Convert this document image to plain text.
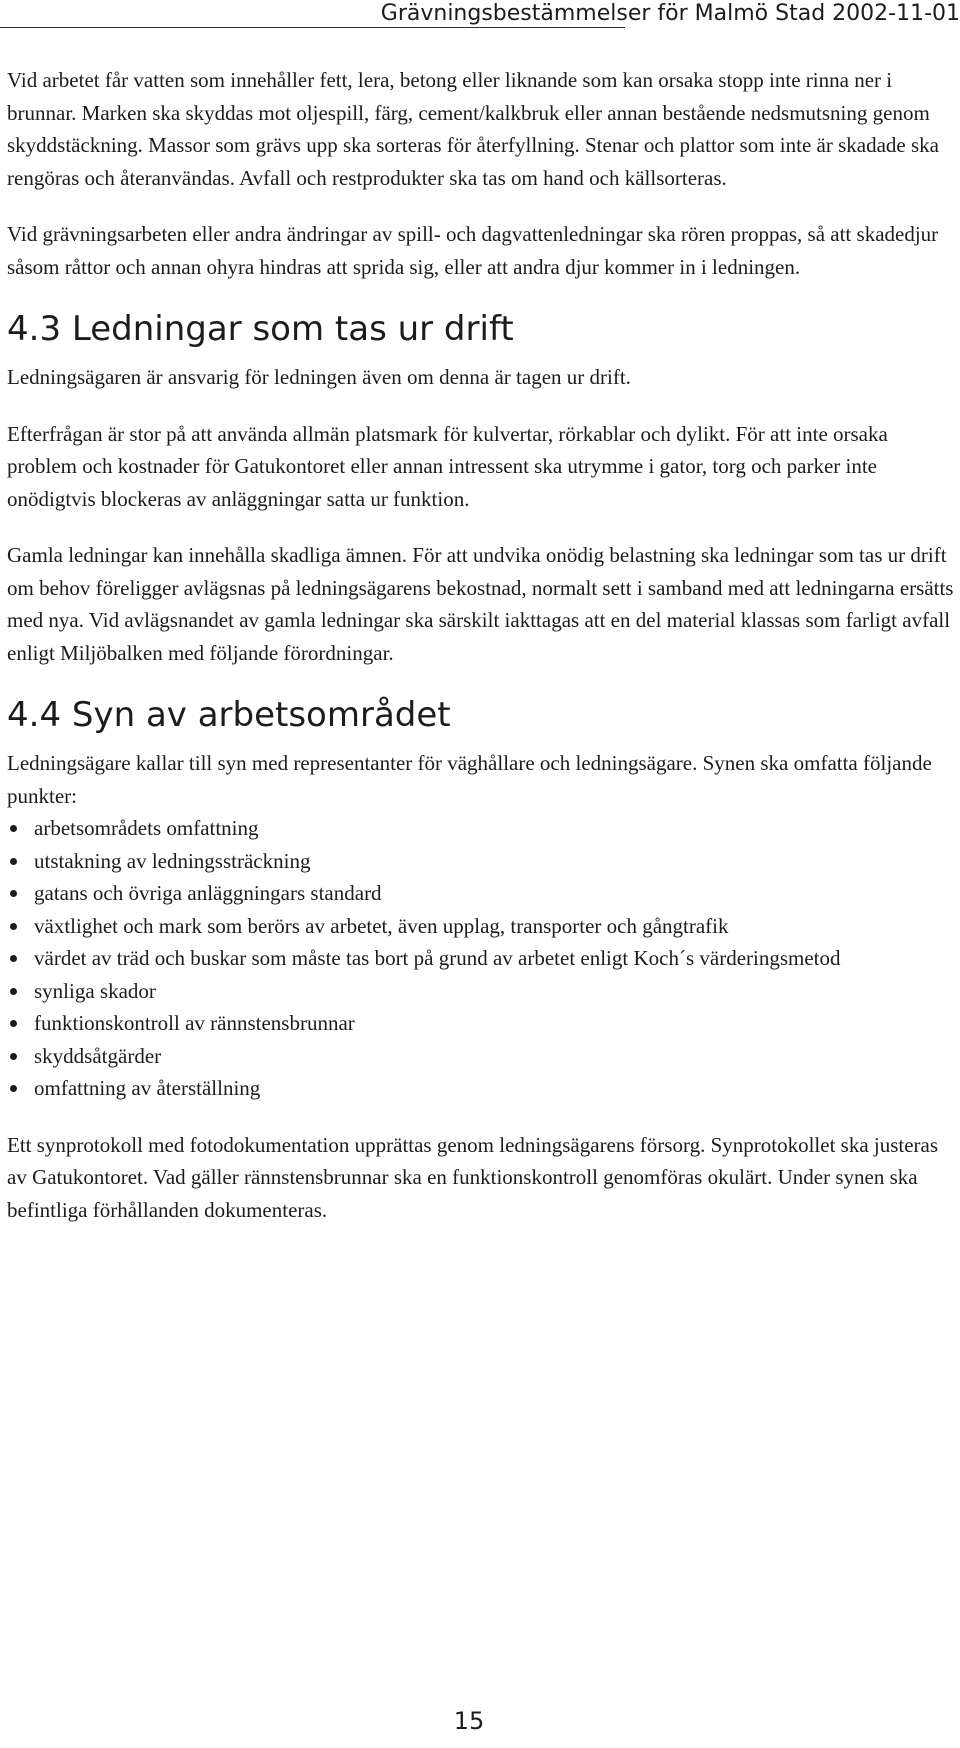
Grävningsbestämmelser för Malmö Stad 2002-11-01

Vid arbetet får vatten som innehåller fett, lera, betong eller liknande som kan orsaka stopp inte rinna ner i brunnar. Marken ska skyddas mot oljespill, färg, cement/kalkbruk eller annan bestående nedsmutsning genom skyddstäckning. Massor som grävs upp ska sorteras för återfyllning. Stenar och plattor som inte är skadade ska rengöras och återanvändas. Avfall och restprodukter ska tas om hand och källsorteras.

Vid grävningsarbeten eller andra ändringar av spill- och dagvattenledningar ska rören proppas, så att skadedjur såsom råttor och annan ohyra hindras att sprida sig, eller att andra djur kommer in i ledningen.

4.3 Ledningar som tas ur drift

Ledningsägaren är ansvarig för ledningen även om denna är tagen ur drift.

Efterfrågan är stor på att använda allmän platsmark för kulvertar, rörkablar och dylikt. För att inte orsaka problem och kostnader för Gatukontoret eller annan intressent ska utrymme i gator, torg och parker inte onödigtvis blockeras av anläggningar satta ur funktion.

Gamla ledningar kan innehålla skadliga ämnen. För att undvika onödig belastning ska ledningar som tas ur drift om behov föreligger avlägsnas på ledningsägarens bekostnad, normalt sett i samband med att ledningarna ersätts med nya. Vid avlägsnandet av gamla ledningar ska särskilt iakttagas att en del material klassas som farligt avfall enligt Miljöbalken med följande förordningar.

4.4 Syn av arbetsområdet
Ledningsägare kallar till syn med representanter för väghållare och ledningsägare. Synen ska omfatta följande punkter:
arbetsområdets omfattning
utstakning av ledningssträckning
gatans och övriga anläggningars standard
växtlighet och mark som berörs av arbetet, även upplag, transporter och gångtrafik
värdet av träd och buskar som måste tas bort på grund av arbetet enligt Koch´s värderingsmetod
synliga skador
funktionskontroll av rännstensbrunnar
skyddsåtgärder
omfattning av återställning

Ett synprotokoll med fotodokumentation upprättas genom ledningsägarens försorg. Synprotokollet ska justeras av Gatukontoret. Vad gäller rännstensbrunnar ska en funktionskontroll genomföras okulärt. Under synen ska befintliga förhållanden dokumenteras.

15
